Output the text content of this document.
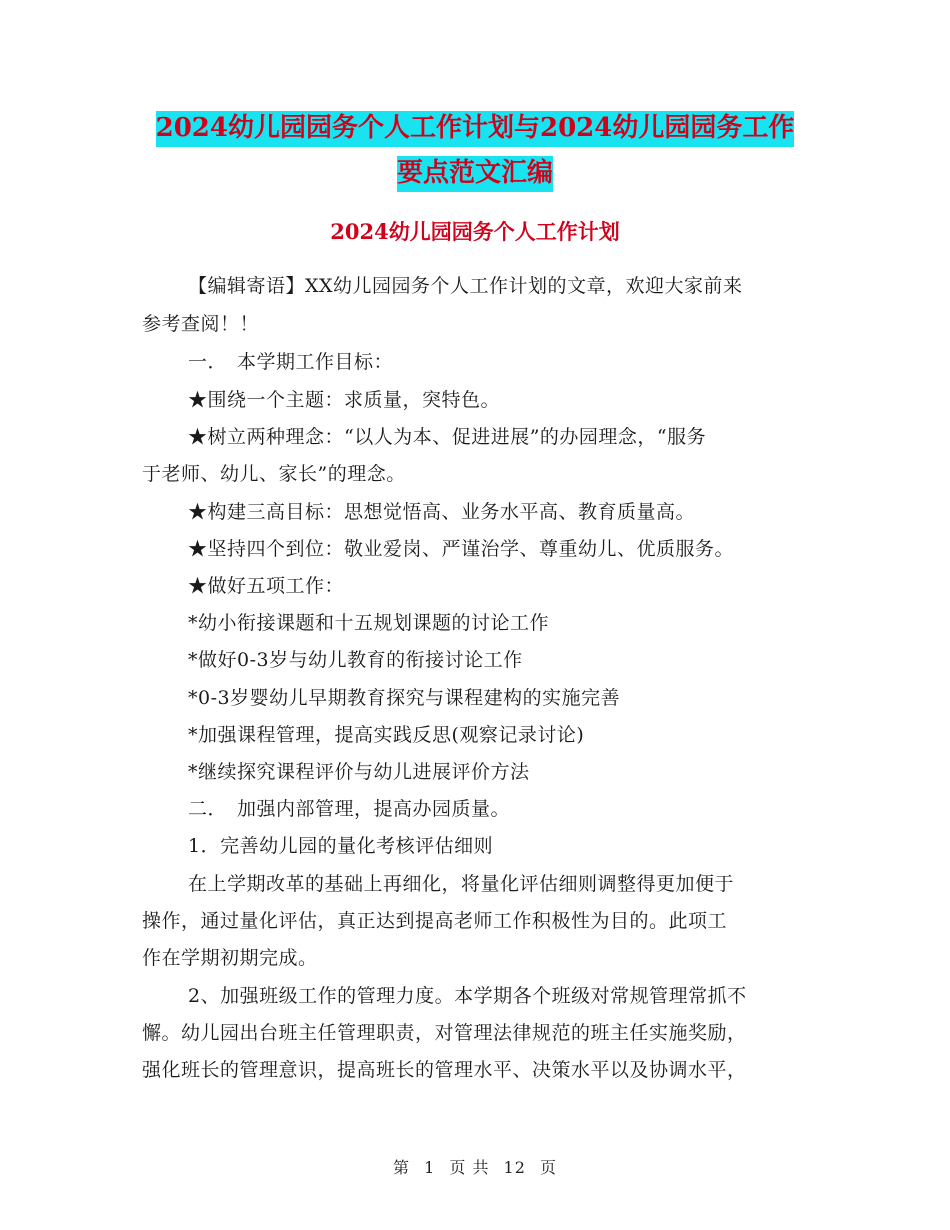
2024幼儿园园务个人工作计划与2024幼儿园园务工作
要点范文汇编
2024幼儿园园务个人工作计划
【编辑寄语】XX幼儿园园务个人工作计划的文章，欢迎大家前来
参考查阅！！
一．　本学期工作目标：
★围绕一个主题：求质量，突特色。
★树立两种理念：“以人为本、促进进展”的办园理念，“服务
于老师、幼儿、家长”的理念。
★构建三高目标：思想觉悟高、业务水平高、教育质量高。
★坚持四个到位：敬业爱岗、严谨治学、尊重幼儿、优质服务。
★做好五项工作：
*幼小衔接课题和十五规划课题的讨论工作
*做好0-3岁与幼儿教育的衔接讨论工作
*0-3岁婴幼儿早期教育探究与课程建构的实施完善
*加强课程管理，提高实践反思(观察记录讨论)
*继续探究课程评价与幼儿进展评价方法
二．　加强内部管理，提高办园质量。
1．完善幼儿园的量化考核评估细则
在上学期改革的基础上再细化，将量化评估细则调整得更加便于
操作，通过量化评估，真正达到提高老师工作积极性为目的。此项工
作在学期初期完成。
2、加强班级工作的管理力度。本学期各个班级对常规管理常抓不
懈。幼儿园出台班主任管理职责，对管理法律规范的班主任实施奖励，
强化班长的管理意识，提高班长的管理水平、决策水平以及协调水平，
第 1 页 共 12 页
